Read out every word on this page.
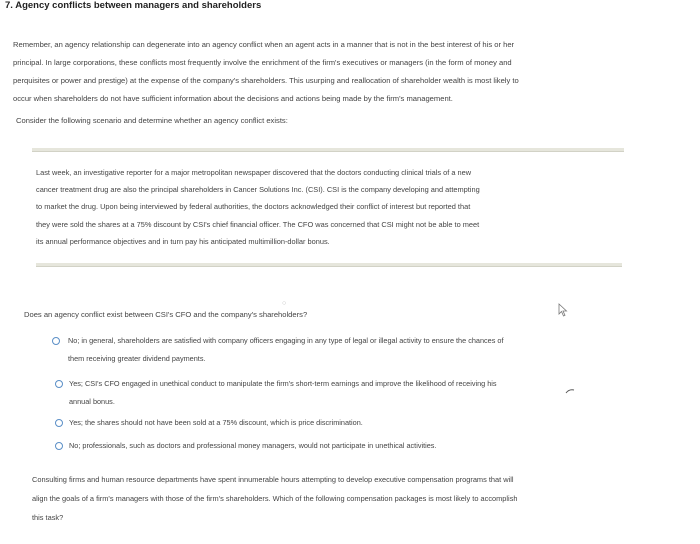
7. Agency conflicts between managers and shareholders
Remember, an agency relationship can degenerate into an agency conflict when an agent acts in a manner that is not in the best interest of his or her
principal. In large corporations, these conflicts most frequently involve the enrichment of the firm's executives or managers (in the form of money and
perquisites or power and prestige) at the expense of the company's shareholders. This usurping and reallocation of shareholder wealth is most likely to
occur when shareholders do not have sufficient information about the decisions and actions being made by the firm's management.
Consider the following scenario and determine whether an agency conflict exists:
Last week, an investigative reporter for a major metropolitan newspaper discovered that the doctors conducting clinical trials of a new
cancer treatment drug are also the principal shareholders in Cancer Solutions Inc. (CSI). CSI is the company developing and attempting
to market the drug. Upon being interviewed by federal authorities, the doctors acknowledged their conflict of interest but reported that
they were sold the shares at a 75% discount by CSI's chief financial officer. The CFO was concerned that CSI might not be able to meet
its annual performance objectives and in turn pay his anticipated multimillion-dollar bonus.
○
Does an agency conflict exist between CSI's CFO and the company's shareholders?
No; in general, shareholders are satisfied with company officers engaging in any type of legal or illegal activity to ensure the chances of
them receiving greater dividend payments.
Yes; CSI's CFO engaged in unethical conduct to manipulate the firm's short-term earnings and improve the likelihood of receiving his
annual bonus.
Yes; the shares should not have been sold at a 75% discount, which is price discrimination.
No; professionals, such as doctors and professional money managers, would not participate in unethical activities.
Consulting firms and human resource departments have spent innumerable hours attempting to develop executive compensation programs that will
align the goals of a firm's managers with those of the firm's shareholders. Which of the following compensation packages is most likely to accomplish
this task?
